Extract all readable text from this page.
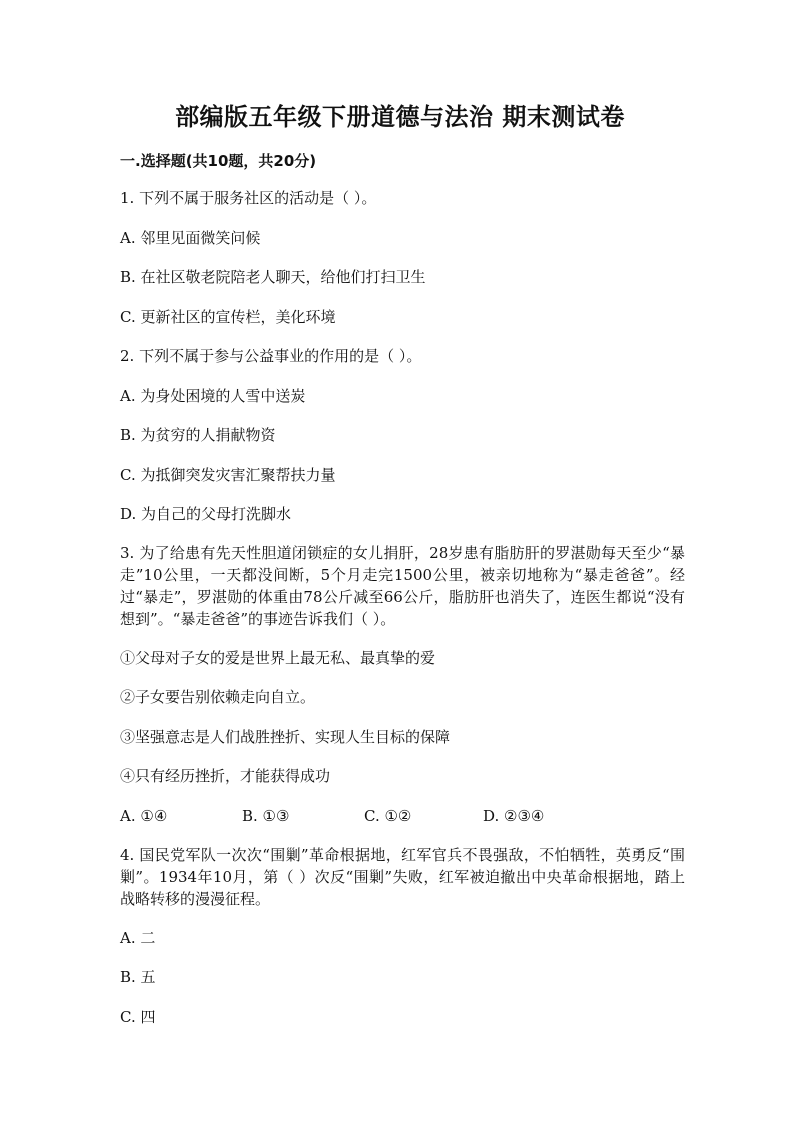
部编版五年级下册道德与法治 期末测试卷
一.选择题(共10题，共20分)
1. 下列不属于服务社区的活动是（ ）。
A. 邻里见面微笑问候
B. 在社区敬老院陪老人聊天，给他们打扫卫生
C. 更新社区的宣传栏，美化环境
2. 下列不属于参与公益事业的作用的是（ ）。
A. 为身处困境的人雪中送炭
B. 为贫穷的人捐献物资
C. 为抵御突发灾害汇聚帮扶力量
D. 为自己的父母打洗脚水
3. 为了给患有先天性胆道闭锁症的女儿捐肝，28岁患有脂肪肝的罗湛勋每天至少“暴走”10公里，一天都没间断，5个月走完1500公里，被亲切地称为“暴走爸爸”。经过“暴走”，罗湛勋的体重由78公斤减至66公斤，脂肪肝也消失了，连医生都说“没有想到”。“暴走爸爸”的事迹告诉我们（ ）。
①父母对子女的爱是世界上最无私、最真挚的爱
②子女要告别依赖走向自立。
③坚强意志是人们战胜挫折、实现人生目标的保障
④只有经历挫折，才能获得成功
A. ①④	B. ①③	C. ①②	D. ②③④
4. 国民党军队一次次“围剿”革命根据地，红军官兵不畏强敌，不怕牺牲，英勇反“围剿”。1934年10月，第（ ）次反“围剿”失败，红军被迫撤出中央革命根据地，踏上战略转移的漫漫征程。
A. 二
B. 五
C. 四
